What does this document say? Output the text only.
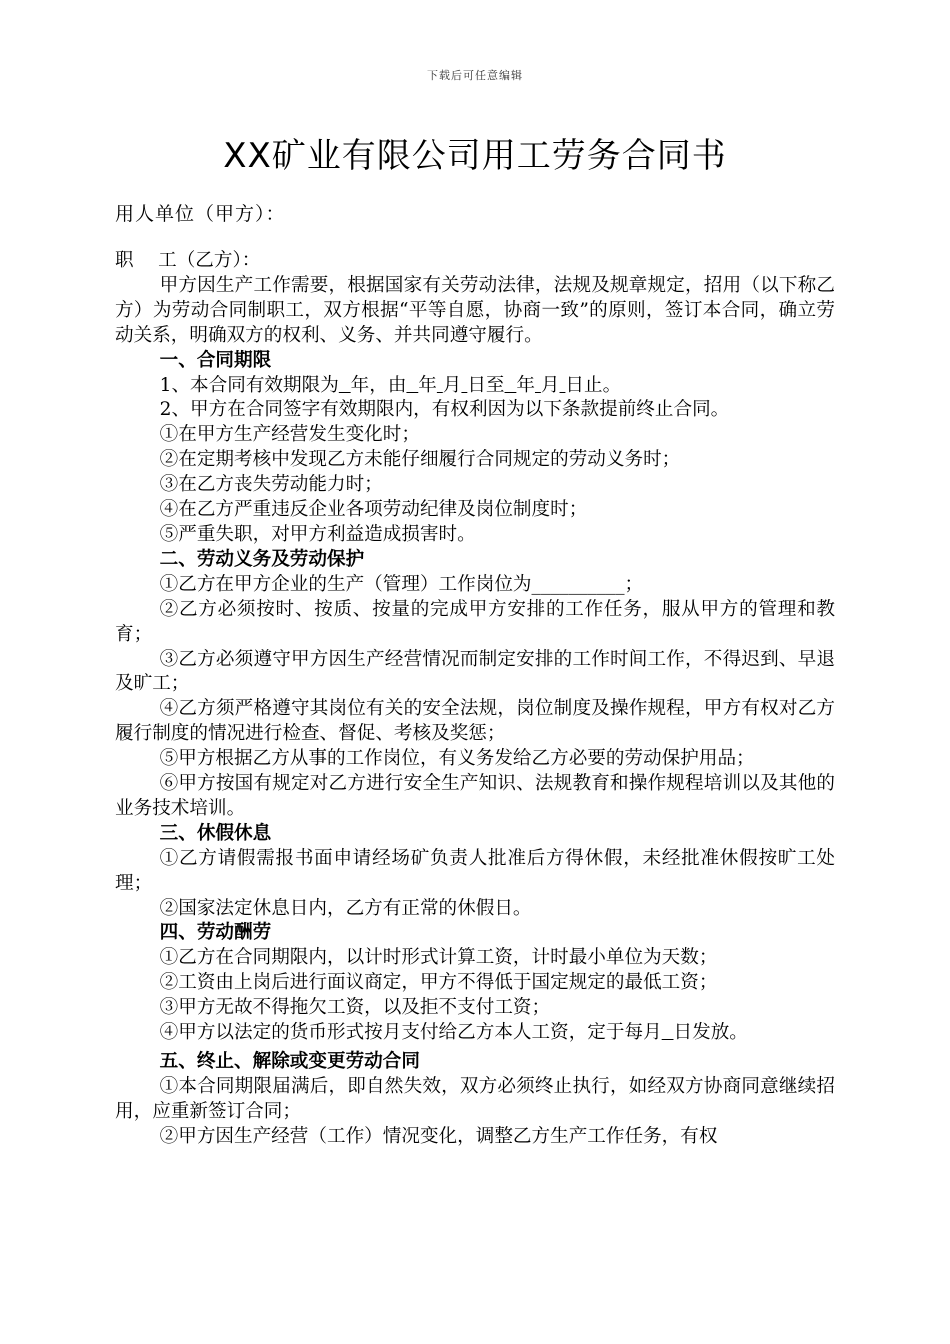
下载后可任意编辑
XX矿业有限公司用工劳务合同书
用人单位（甲方）：

职　 工（乙方）：

甲方因生产工作需要，根据国家有关劳动法律，法规及规章规定，招用（以下称乙方）为劳动合同制职工，双方根据“平等自愿，协商一致”的原则，签订本合同，确立劳动关系，明确双方的权利、义务、并共同遵守履行。

一、合同期限

1、本合同有效期限为 年，由 年 月 日至 年 月 日止。

2、甲方在合同签字有效期限内，有权利因为以下条款提前终止合同。

①在甲方生产经营发生变化时；

②在定期考核中发现乙方未能仔细履行合同规定的劳动义务时；

③在乙方丧失劳动能力时；

④在乙方严重违反企业各项劳动纪律及岗位制度时；

⑤严重失职，对甲方利益造成损害时。

二、劳动义务及劳动保护

①乙方在甲方企业的生产（管理）工作岗位为__________；

②乙方必须按时、按质、按量的完成甲方安排的工作任务，服从甲方的管理和教育；

③乙方必须遵守甲方因生产经营情况而制定安排的工作时间工作，不得迟到、早退及旷工；

④乙方须严格遵守其岗位有关的安全法规，岗位制度及操作规程，甲方有权对乙方履行制度的情况进行检查、督促、考核及奖惩；

⑤甲方根据乙方从事的工作岗位，有义务发给乙方必要的劳动保护用品；

⑥甲方按国有规定对乙方进行安全生产知识、法规教育和操作规程培训以及其他的业务技术培训。

三、休假休息

①乙方请假需报书面申请经场矿负责人批准后方得休假，未经批准休假按旷工处理；

②国家法定休息日内，乙方有正常的休假日。

四、劳动酬劳

①乙方在合同期限内，以计时形式计算工资，计时最小单位为天数；

②工资由上岗后进行面议商定，甲方不得低于国定规定的最低工资；

③甲方无故不得拖欠工资，以及拒不支付工资；

④甲方以法定的货币形式按月支付给乙方本人工资，定于每月 日发放。

五、终止、解除或变更劳动合同

①本合同期限届满后，即自然失效，双方必须终止执行，如经双方协商同意继续招用，应重新签订合同；

②甲方因生产经营（工作）情况变化，调整乙方生产工作任务，有权
